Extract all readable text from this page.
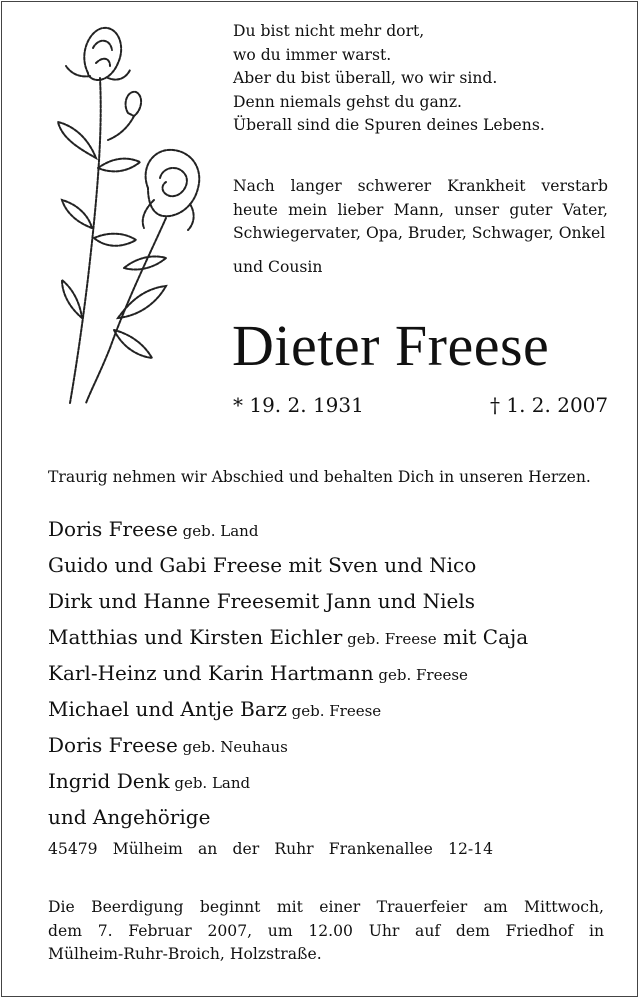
Du bist nicht mehr dort,
wo du immer warst.
Aber du bist überall, wo wir sind.
Denn niemals gehst du ganz.
Überall sind die Spuren deines Lebens.
Nach langer schwerer Krankheit verstarb heute mein lieber Mann, unser guter Vater, Schwiegervater, Opa, Bruder, Schwager, Onkel
und Cousin
Dieter Freese
* 19. 2. 1931	† 1. 2. 2007
Traurig nehmen wir Abschied und behalten Dich in unseren Herzen.
Doris Freese geb. Land
Guido und Gabi Freese mit Sven und Nico
Dirk und Hanne Freesemit Jann und Niels
Matthias und Kirsten Eichler geb. Freese mit Caja
Karl-Heinz und Karin Hartmann geb. Freese
Michael und Antje Barz geb. Freese
Doris Freese geb. Neuhaus
Ingrid Denk geb. Land
und Angehörige
45479 Mülheim an der Ruhr Frankenallee 12-14
Die Beerdigung beginnt mit einer Trauerfeier am Mittwoch,
dem 7. Februar 2007, um 12.00 Uhr auf dem Friedhof in
Mülheim-Ruhr-Broich, Holzstraße.
